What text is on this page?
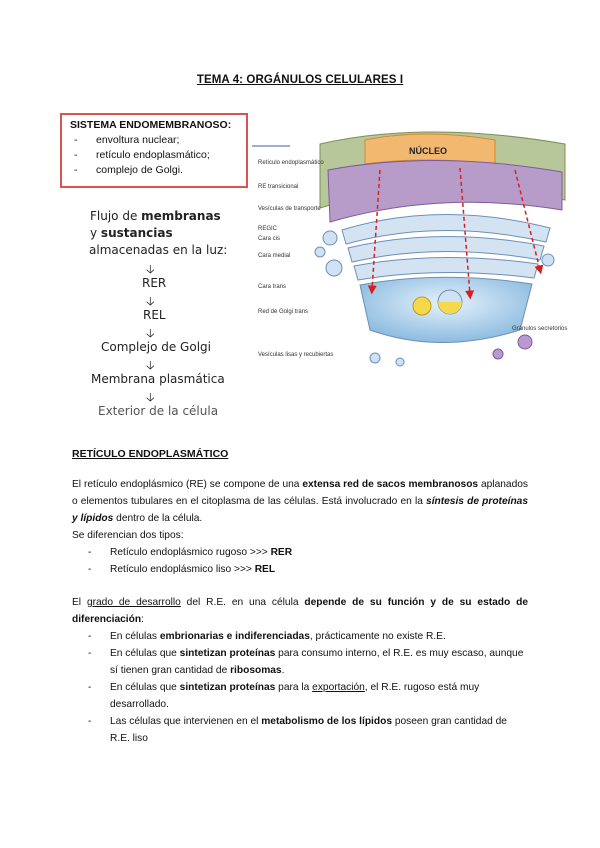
TEMA 4: ORGÁNULOS CELULARES I
SISTEMA ENDOMEMBRANOSO:
-	envoltura nuclear;
-	retículo endoplasmático;
-	complejo de Golgi.
Flujo de membranas
y sustancias
almacenadas en la luz:
🡣
RER
🡣
REL
🡣
Complejo de Golgi
🡣
Membrana plasmática
🡣
Exterior de la célula
NÚCLEO
Retículo endoplasmático
RE transicional
Vesículas de transporte
REGIC
Cara cis
Cara medial
Cara trans
Red de Golgi trans
Vesículas lisas y recubiertas
Gránulos secretorios
RETÍCULO ENDOPLASMÁTICO
El retículo endoplásmico (RE) se compone de una extensa red de sacos membranosos aplanados o elementos tubulares en el citoplasma de las células. Está involucrado en la síntesis de proteínas y lípidos dentro de la célula.
Se diferencian dos tipos:
-	Retículo endoplásmico rugoso >>> RER
-	Retículo endoplásmico liso >>> REL
El grado de desarrollo del R.E. en una célula depende de su función y de su estado de diferenciación:
-	En células embrionarias e indiferenciadas, prácticamente no existe R.E.
-	En células que sintetizan proteínas para consumo interno, el R.E. es muy escaso, aunque sí tienen gran cantidad de ribosomas.
-	En células que sintetizan proteínas para la exportación, el R.E. rugoso está muy desarrollado.
-	Las células que intervienen en el metabolismo de los lípidos poseen gran cantidad de R.E. liso
